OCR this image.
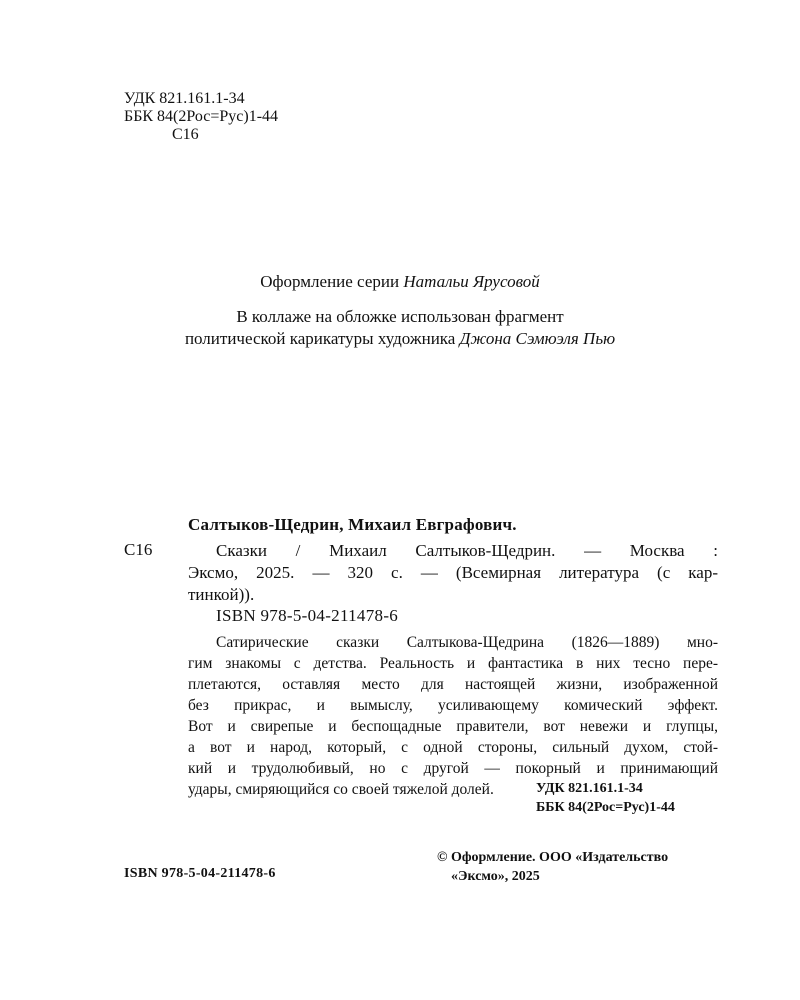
УДК 821.161.1-34
ББК 84(2Рос=Рус)1-44
С16
Оформление серии Натальи Ярусовой
В коллаже на обложке использован фрагмент
политической карикатуры художника Джона Сэмюэля Пью
Салтыков-Щедрин, Михаил Евграфович.
С16	Сказки / Михаил Салтыков-Щедрин. — Москва :
Эксмо, 2025. — 320 с. — (Всемирная литература (с кар-
тинкой)).
ISBN 978-5-04-211478-6
Сатирические сказки Салтыкова-Щедрина (1826—1889) мно-
гим знакомы с детства. Реальность и фантастика в них тесно пере-
плетаются, оставляя место для настоящей жизни, изображенной
без прикрас, и вымыслу, усиливающему комический эффект.
Вот и свирепые и беспощадные правители, вот невежи и глупцы,
а вот и народ, который, с одной стороны, сильный духом, стой-
кий и трудолюбивый, но с другой — покорный и принимающий
удары, смиряющийся со своей тяжелой долей.	УДК 821.161.1-34
ББК 84(2Рос=Рус)1-44
© Оформление. ООО «Издательство
«Эксмо», 2025
ISBN 978-5-04-211478-6
